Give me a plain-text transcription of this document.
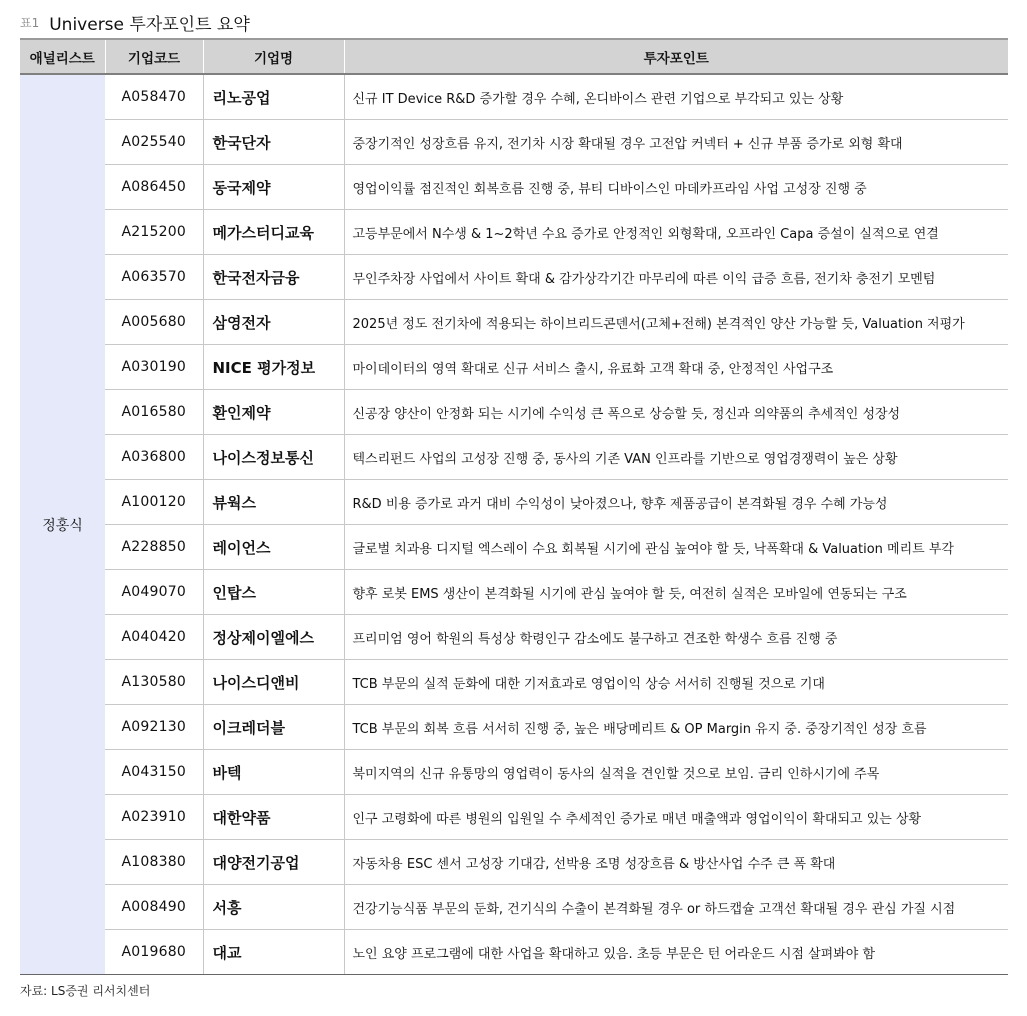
표1 Universe 투자포인트 요약
애널리스트	기업코드	기업명	투자포인트
정홍식	A058470	리노공업	신규 IT Device R&D 증가할 경우 수혜, 온디바이스 관련 기업으로 부각되고 있는 상황
	A025540	한국단자	중장기적인 성장흐름 유지, 전기차 시장 확대될 경우 고전압 커넥터 + 신규 부품 증가로 외형 확대
	A086450	동국제약	영업이익률 점진적인 회복흐름 진행 중, 뷰티 디바이스인 마데카프라임 사업 고성장 진행 중
	A215200	메가스터디교육	고등부문에서 N수생 & 1~2학년 수요 증가로 안정적인 외형확대, 오프라인 Capa 증설이 실적으로 연결
	A063570	한국전자금융	무인주차장 사업에서 사이트 확대 & 감가상각기간 마무리에 따른 이익 급증 흐름, 전기차 충전기 모멘텀
	A005680	삼영전자	2025년 정도 전기차에 적용되는 하이브리드콘덴서(고체+전해) 본격적인 양산 가능할 듯, Valuation 저평가
	A030190	NICE 평가정보	마이데이터의 영역 확대로 신규 서비스 출시, 유료화 고객 확대 중, 안정적인 사업구조
	A016580	환인제약	신공장 양산이 안정화 되는 시기에 수익성 큰 폭으로 상승할 듯, 정신과 의약품의 추세적인 성장성
	A036800	나이스정보통신	텍스리펀드 사업의 고성장 진행 중, 동사의 기존 VAN 인프라를 기반으로 영업경쟁력이 높은 상황
	A100120	뷰웍스	R&D 비용 증가로 과거 대비 수익성이 낮아졌으나, 향후 제품공급이 본격화될 경우 수혜 가능성
	A228850	레이언스	글로벌 치과용 디지털 엑스레이 수요 회복될 시기에 관심 높여야 할 듯, 낙폭확대 & Valuation 메리트 부각
	A049070	인탑스	향후 로봇 EMS 생산이 본격화될 시기에 관심 높여야 할 듯, 여전히 실적은 모바일에 연동되는 구조
	A040420	정상제이엘에스	프리미엄 영어 학원의 특성상 학령인구 감소에도 불구하고 견조한 학생수 흐름 진행 중
	A130580	나이스디앤비	TCB 부문의 실적 둔화에 대한 기저효과로 영업이익 상승 서서히 진행될 것으로 기대
	A092130	이크레더블	TCB 부문의 회복 흐름 서서히 진행 중, 높은 배당메리트 & OP Margin 유지 중. 중장기적인 성장 흐름
	A043150	바텍	북미지역의 신규 유통망의 영업력이 동사의 실적을 견인할 것으로 보임. 금리 인하시기에 주목
	A023910	대한약품	인구 고령화에 따른 병원의 입원일 수 추세적인 증가로 매년 매출액과 영업이익이 확대되고 있는 상황
	A108380	대양전기공업	자동차용 ESC 센서 고성장 기대감, 선박용 조명 성장흐름 & 방산사업 수주 큰 폭 확대
	A008490	서흥	건강기능식품 부문의 둔화, 건기식의 수출이 본격화될 경우 or 하드캡슐 고객선 확대될 경우 관심 가질 시점
	A019680	대교	노인 요양 프로그램에 대한 사업을 확대하고 있음. 초등 부문은 턴 어라운드 시점 살펴봐야 함
자료: LS증권 리서치센터
